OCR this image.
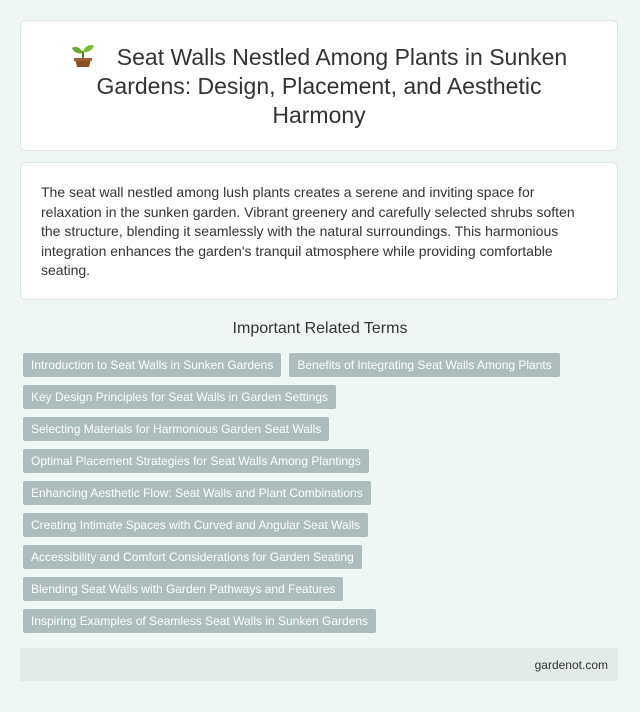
Seat Walls Nestled Among Plants in Sunken Gardens: Design, Placement, and Aesthetic Harmony

The seat wall nestled among lush plants creates a serene and inviting space for relaxation in the sunken garden. Vibrant greenery and carefully selected shrubs soften the structure, blending it seamlessly with the natural surroundings. This harmonious integration enhances the garden's tranquil atmosphere while providing comfortable seating.

Important Related Terms
Introduction to Seat Walls in Sunken Gardens	Benefits of Integrating Seat Walls Among Plants
Key Design Principles for Seat Walls in Garden Settings
Selecting Materials for Harmonious Garden Seat Walls
Optimal Placement Strategies for Seat Walls Among Plantings
Enhancing Aesthetic Flow: Seat Walls and Plant Combinations
Creating Intimate Spaces with Curved and Angular Seat Walls
Accessibility and Comfort Considerations for Garden Seating
Blending Seat Walls with Garden Pathways and Features
Inspiring Examples of Seamless Seat Walls in Sunken Gardens
gardenot.com
